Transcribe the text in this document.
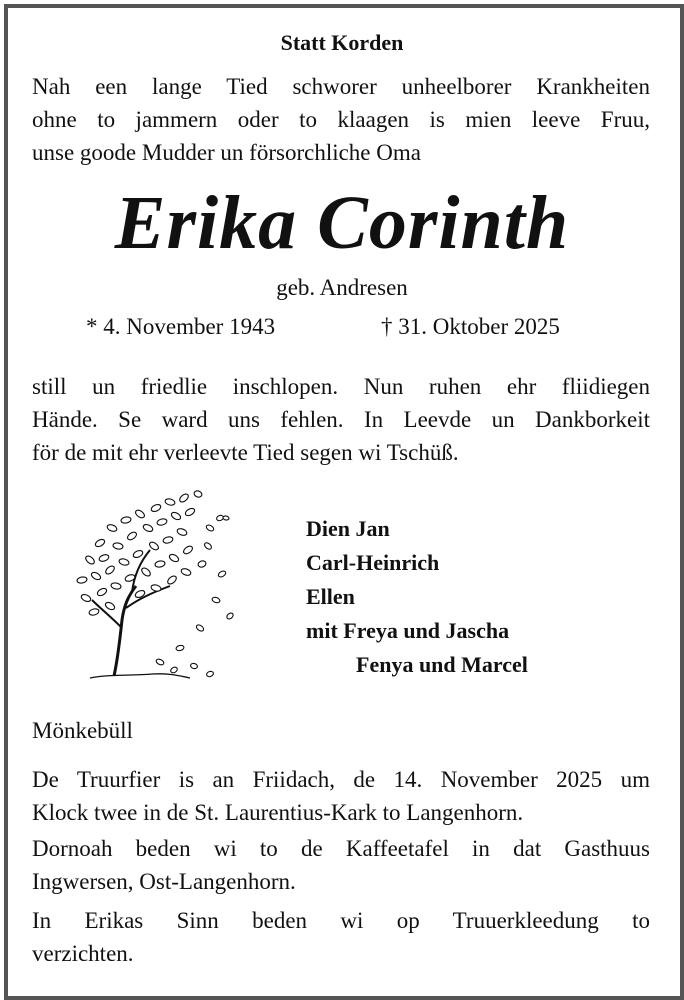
Statt Korden

Nah een lange Tied schworer unheelborer Krankheiten
ohne to jammern oder to klaagen is mien leeve Fruu,
unse goode Mudder un försorchliche Oma

Erika Corinth
geb. Andresen
* 4. November 1943	† 31. Oktober 2025

still un friedlie inschlopen. Nun ruhen ehr fliidiegen
Hände. Se ward uns fehlen. In Leevde un Dankborkeit
för de mit ehr verleevte Tied segen wi Tschüß.

Dien Jan
Carl-Heinrich
Ellen
mit Freya und Jascha
Fenya und Marcel
Mönkebüll

De Truurfier is an Friidach, de 14. November 2025 um
Klock twee in de St. Laurentius-Kark to Langenhorn.

Dornoah beden wi to de Kaffeetafel in dat Gasthuus
Ingwersen, Ost-Langenhorn.

In Erikas Sinn beden wi op Truuerkleedung to
verzichten.
